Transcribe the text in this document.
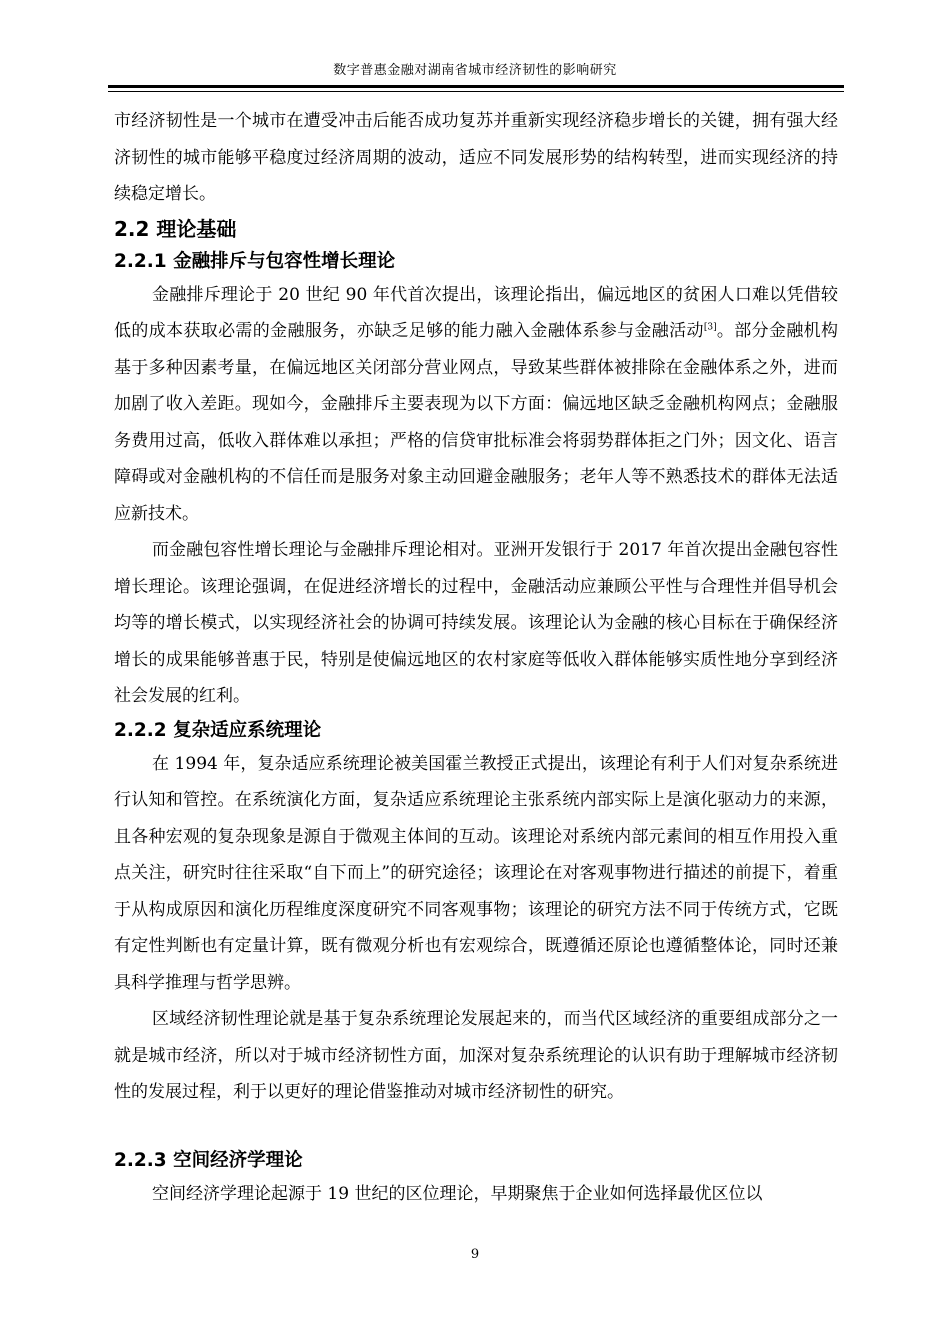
数字普惠金融对湖南省城市经济韧性的影响研究

市经济韧性是一个城市在遭受冲击后能否成功复苏并重新实现经济稳步增长的关键，拥有强大经济韧性的城市能够平稳度过经济周期的波动，适应不同发展形势的结构转型，进而实现经济的持续稳定增长。

2.2 理论基础
2.2.1 金融排斥与包容性增长理论

金融排斥理论于 20 世纪 90 年代首次提出，该理论指出，偏远地区的贫困人口难以凭借较低的成本获取必需的金融服务，亦缺乏足够的能力融入金融体系参与金融活动[3]。部分金融机构基于多种因素考量，在偏远地区关闭部分营业网点，导致某些群体被排除在金融体系之外，进而加剧了收入差距。现如今，金融排斥主要表现为以下方面：偏远地区缺乏金融机构网点；金融服务费用过高，低收入群体难以承担；严格的信贷审批标准会将弱势群体拒之门外；因文化、语言障碍或对金融机构的不信任而是服务对象主动回避金融服务；老年人等不熟悉技术的群体无法适应新技术。

而金融包容性增长理论与金融排斥理论相对。亚洲开发银行于 2017 年首次提出金融包容性增长理论。该理论强调，在促进经济增长的过程中，金融活动应兼顾公平性与合理性并倡导机会均等的增长模式，以实现经济社会的协调可持续发展。该理论认为金融的核心目标在于确保经济增长的成果能够普惠于民，特别是使偏远地区的农村家庭等低收入群体能够实质性地分享到经济社会发展的红利。

2.2.2 复杂适应系统理论

在 1994 年，复杂适应系统理论被美国霍兰教授正式提出，该理论有利于人们对复杂系统进行认知和管控。在系统演化方面，复杂适应系统理论主张系统内部实际上是演化驱动力的来源，且各种宏观的复杂现象是源自于微观主体间的互动。该理论对系统内部元素间的相互作用投入重点关注，研究时往往采取“自下而上”的研究途径；该理论在对客观事物进行描述的前提下，着重于从构成原因和演化历程维度深度研究不同客观事物；该理论的研究方法不同于传统方式，它既有定性判断也有定量计算，既有微观分析也有宏观综合，既遵循还原论也遵循整体论，同时还兼具科学推理与哲学思辨。

区域经济韧性理论就是基于复杂系统理论发展起来的，而当代区域经济的重要组成部分之一就是城市经济，所以对于城市经济韧性方面，加深对复杂系统理论的认识有助于理解城市经济韧性的发展过程，利于以更好的理论借鉴推动对城市经济韧性的研究。

2.2.3 空间经济学理论

空间经济学理论起源于 19 世纪的区位理论，早期聚焦于企业如何选择最优区位以

9
